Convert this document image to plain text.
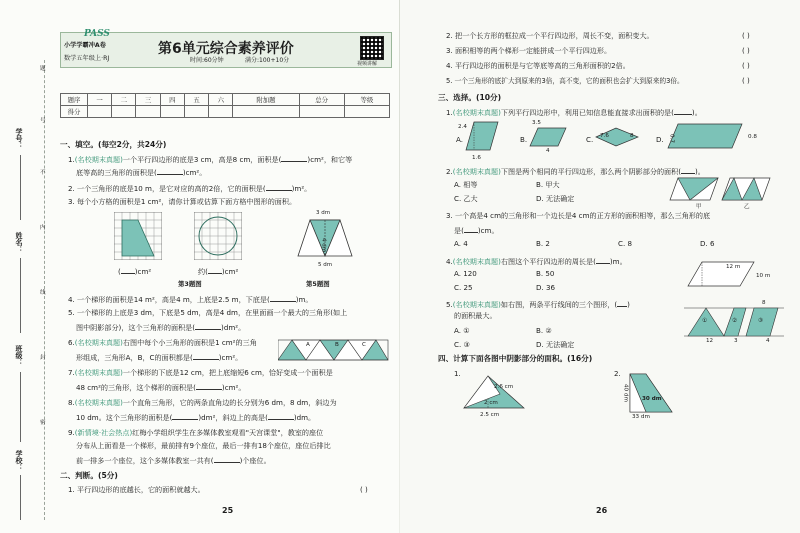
学号：
姓名：
班级：
学校：
题
号
不
内
线
封
密
PASS
小学学霸冲A卷
数学五年级上·RJ
第6单元综合素养评价
时间:60分钟	满分:100+10分	视频讲解
题序	一	二	三	四	五	六	附加题	总分	等级
得分									
一、填空。(每空2分，共24分)
1.(名校期末真题)一个平行四边形的底是3 cm，高是8 cm，面积是(	)cm²，和它等
底等高的三角形的面积是(	)cm²。
2. 一个三角形的底是10 m，是它对应的高的2倍，它的面积是(	)m²。
3. 每个小方格的面积是1 cm²，请你计算或估算下面方格中图形的面积。
3 dm
4 dm
5 dm
( )cm²	约( )cm²
第3题图	第5题图
4. 一个梯形的面积是14 m²，高是4 m，上底是2.5 m，下底是(	)m。
5. 一个梯形的上底是3 dm，下底是5 dm，高是4 dm，在里面画一个最大的三角形(如上
图中阴影部分)，这个三角形的面积是(	)dm²。
6.(名校期末真题)右图中每个小三角形的面积是1 cm²的三角
形组成，三角形A，B，C的面积都是(	)cm²。
A	B	C
7.(名校期末真题)一个梯形的下底是12 cm，把上底缩短6 cm，恰好变成一个面积是
48 cm²的三角形，这个梯形的面积是(	)cm²。
8.(名校期末真题)一个直角三角形，它的两条直角边的长分别为6 dm，8 dm，斜边为
10 dm。这个三角形的面积是(	)dm²，斜边上的高是(	)dm。
9.(新情境·社会热点)红梅小学组织学生在多媒体教室观看"天宫课堂"，教室的座位
分布从上面看是一个梯形，最前排有9个座位，最后一排有18个座位，座位后排比
前一排多一个座位，这个多媒体教室一共有(	)个座位。
二、判断。(5分)
1. 平行四边形的底越长，它的面积就越大。	( )
25
2. 把一个长方形的框拉成一个平行四边形，周长不变，面积变大。	( )
3. 面积相等的两个梯形一定能拼成一个平行四边形。	( )
4. 平行四边形的面积是与它等底等高的三角形面积的2倍。	( )
5. 一个三角形的底扩大到原来的3倍，高不变，它的面积也会扩大到原来的3倍。	( )
三、选择。(10分)
1.(名校期末真题)下列平行四边形中，利用已知信息能直接求出面积的是(	)。
A.
2.4
1.6
B.
3.5
4
C. 7.6	8	D. 0.7	0.8
2.(名校期末真题)下图是两个相同的平行四边形，那么两个阴影部分的面积( )。
A. 相等	B. 甲大
C. 乙大	D. 无法确定
甲	乙
3. 一个高是4 cm的三角形和一个边长是4 cm的正方形的面积相等，那么三角形的底
是( )cm。
A. 4	B. 2	C. 8	D. 6
4.(名校期末真题)右图这个平行四边形的周长是( )m。
A. 120	B. 50
C. 25	D. 36
12 m
10 m
5.(名校期末真题)如右图，两条平行线间的三个图形，( )
的面积最大。
A. ①	B. ②
C. ③	D. 无法确定
①	②	③
12	3	4
8
四、计算下面各图中阴影部分的面积。(16分)
1.
2.6 cm
2 cm
2.5 cm
2.
40 dm 30 dm
33 dm
26
